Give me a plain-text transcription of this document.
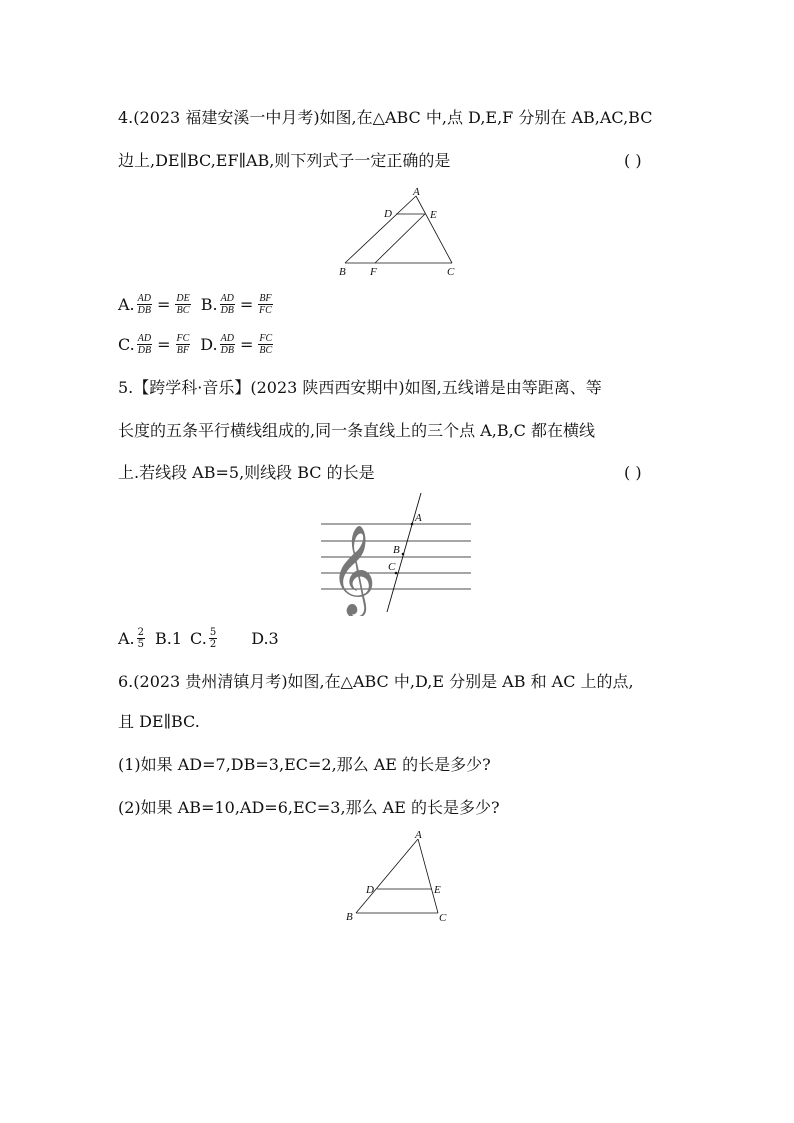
4.(2023 福建安溪一中月考)如图,在△ABC 中,点 D,E,F 分别在 AB,AC,BC
边上,DE∥BC,EF∥AB,则下列式子一定正确的是	( )
A
D	E
B F	C
A. $\frac{AD}{DB} = \frac{DE}{BC} B$. $\frac{AD}{DB} = \frac{BF}{FC}$
C. $\frac{AD}{DB} = \frac{FC}{BF} D$. $\frac{AD}{DB} = \frac{FC}{BC}$
5.【跨学科·音乐】(2023 陕西西安期中)如图,五线谱是由等距离、等
长度的五条平行横线组成的,同一条直线上的三个点 A,B,C 都在横线
上.若线段 AB=5,则线段 BC 的长是	( )
𝄞
A
B
C
A. $\frac{2}{5} B.1$ C. $\frac{5}{2} D.3$
6.(2023 贵州清镇月考)如图,在△ABC 中,D,E 分别是 AB 和 AC 上的点,
且 DE∥BC.
(1)如果 AD=7,DB=3,EC=2,那么 AE 的长是多少?
(2)如果 AB=10,AD=6,EC=3,那么 AE 的长是多少?
A
D	E
B	C
